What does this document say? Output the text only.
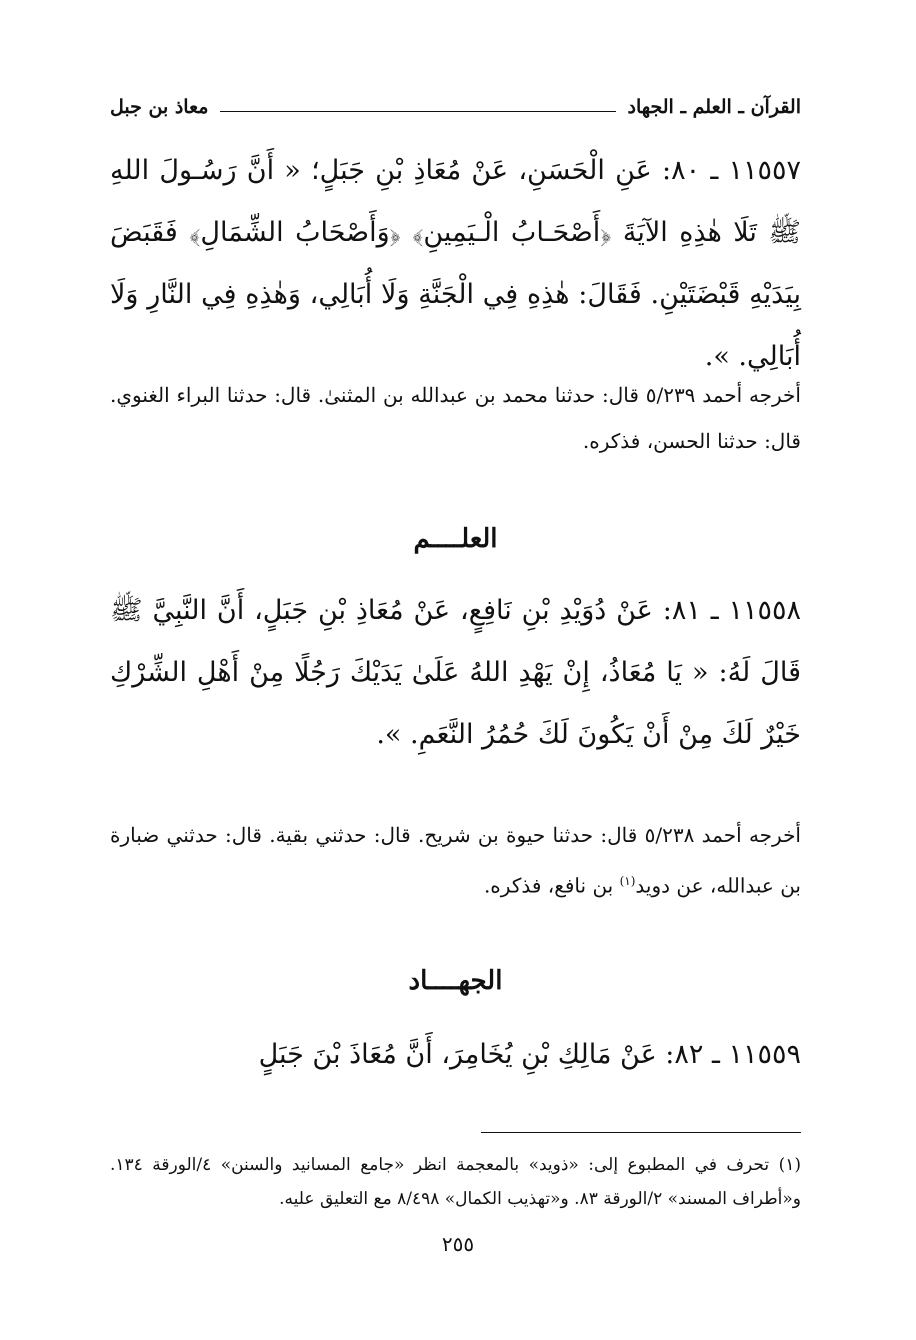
القرآن ـ العلم ـ الجهاد
معاذ بن جبل
١١٥٥٧ ـ ٨٠: عَنِ الْحَسَنِ، عَنْ مُعَاذِ بْنِ جَبَلٍ؛ « أَنَّ رَسُـولَ اللهِ ﷺ تَلَا هٰذِهِ الآيَةَ ﴿أَصْحَـابُ الْـيَمِينِ﴾ ﴿وَأَصْحَابُ الشِّمَالِ﴾ فَقَبَضَ بِيَدَيْهِ قَبْضَتَيْنِ. فَقَالَ: هٰذِهِ فِي الْجَنَّةِ وَلَا أُبَالِي، وَهٰذِهِ فِي النَّارِ وَلَا أُبَالِي. ».
أخرجه أحمد ٥/٢٣٩ قال: حدثنا محمد بن عبدالله بن المثنىٰ. قال: حدثنا البراء الغنوي. قال: حدثنا الحسن، فذكره.
العلــــم
١١٥٥٨ ـ ٨١: عَنْ دُوَيْدِ بْنِ نَافِعٍ، عَنْ مُعَاذِ بْنِ جَبَلٍ، أَنَّ النَّبِيَّ ﷺ قَالَ لَهُ: « يَا مُعَاذُ، إِنْ يَهْدِ اللهُ عَلَىٰ يَدَيْكَ رَجُلًا مِنْ أَهْلِ الشِّرْكِ خَيْرٌ لَكَ مِنْ أَنْ يَكُونَ لَكَ حُمُرُ النَّعَمِ. ».
أخرجه أحمد ٥/٢٣٨ قال: حدثنا حيوة بن شريح. قال: حدثني بقية. قال: حدثني ضبارة بن عبدالله، عن دويد$^{(١)}$ بن نافع، فذكره.
الجهــــاد
١١٥٥٩ ـ ٨٢: عَنْ مَالِكِ بْنِ يُخَامِرَ، أَنَّ مُعَاذَ بْنَ جَبَلٍ
(١) تحرف في المطبوع إلى: «ذويد» بالمعجمة انظر «جامع المسانيد والسنن» ٤/الورقة ١٣٤. و«أطراف المسند» ٢/الورقة ٨٣. و«تهذيب الكمال» ٨/٤٩٨ مع التعليق عليه.
٢٥٥
